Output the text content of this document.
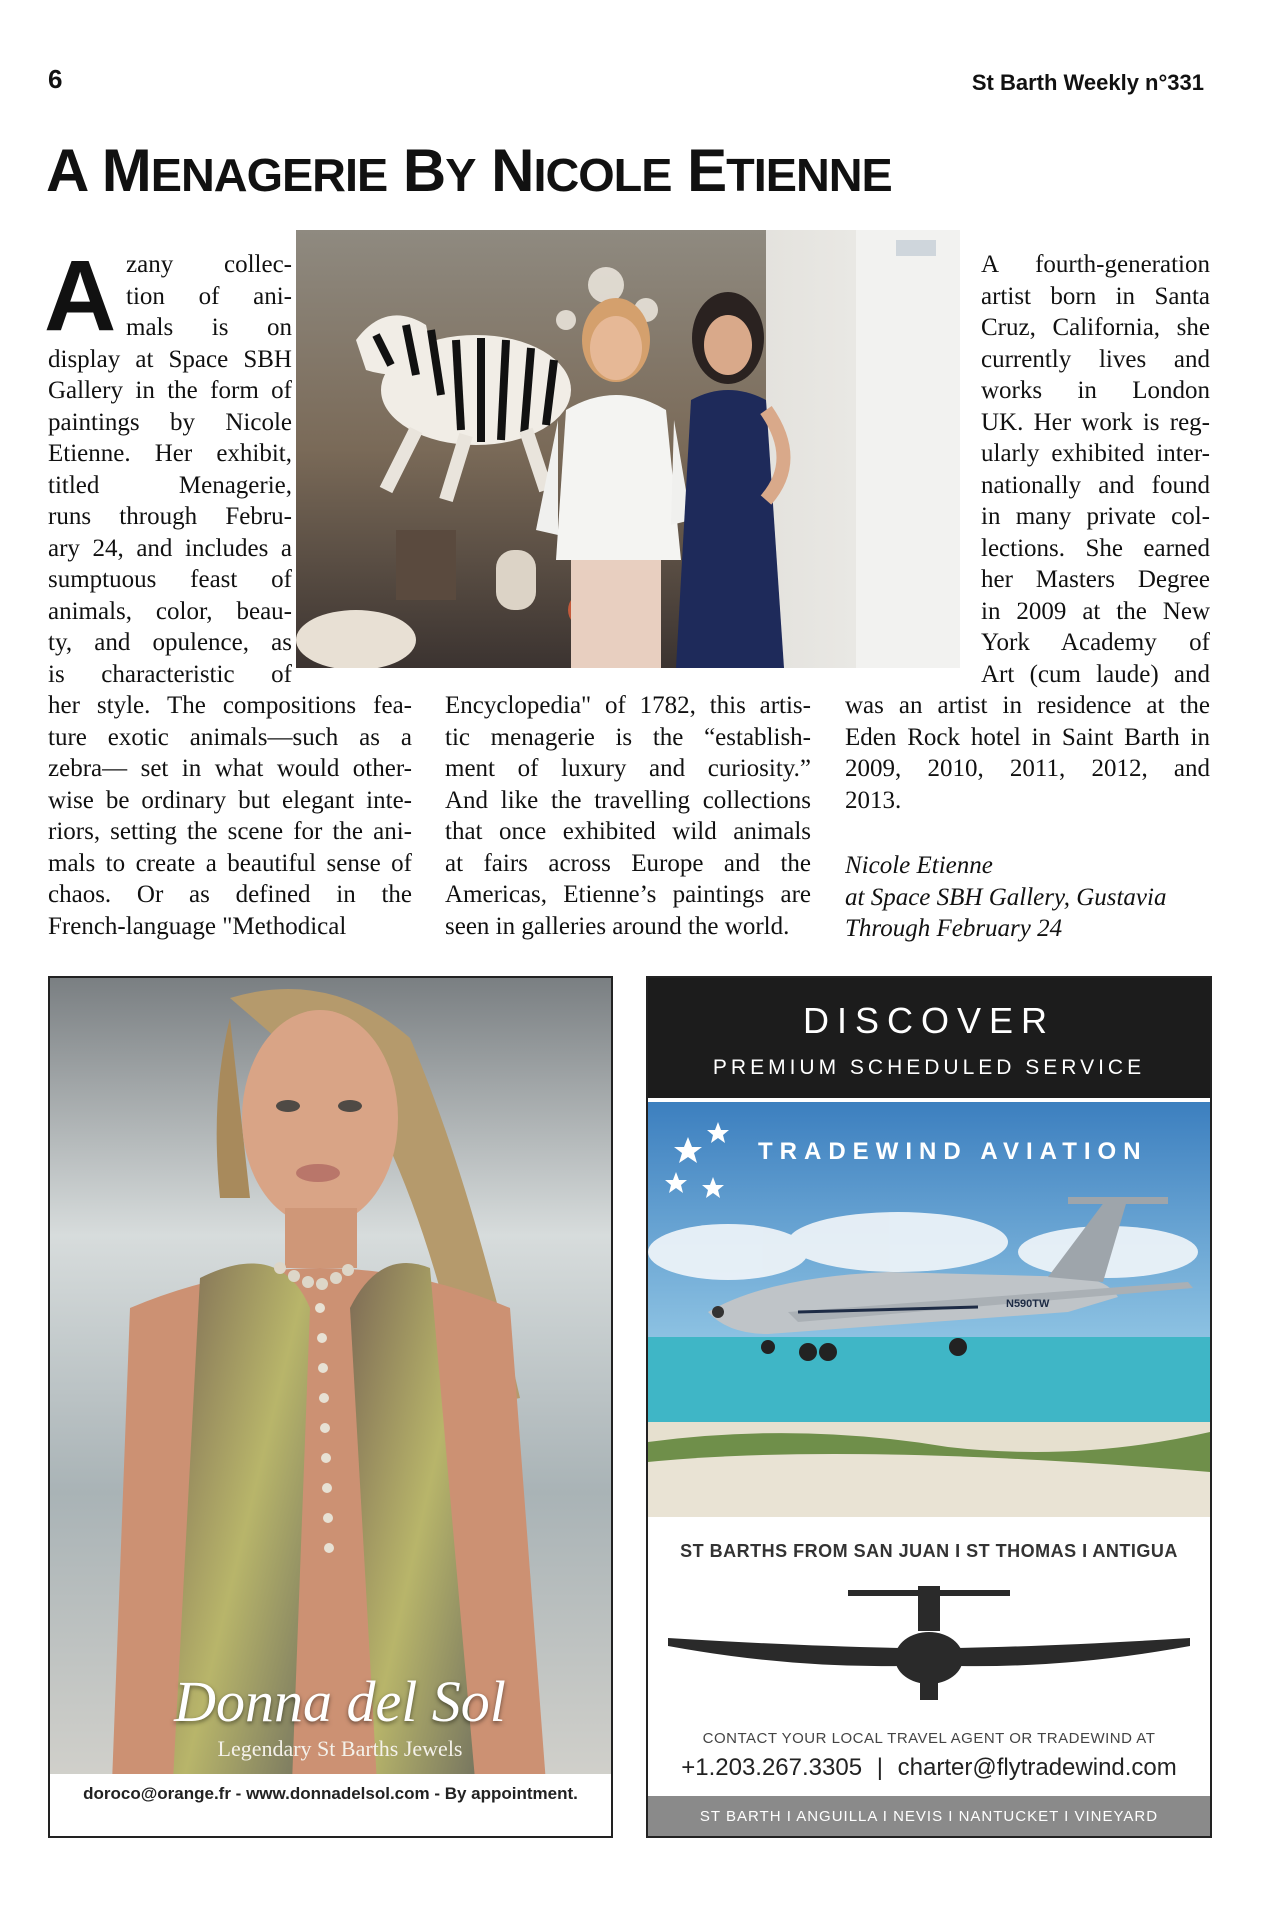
6	St Barth Weekly n°331
A MENAGERIE BY NICOLE ETIENNE
A zany collec-
tion of ani-
mals is on
display at Space SBH
Gallery in the form of
paintings by Nicole
Etienne. Her exhibit,
titled Menagerie,
runs through Febru-
ary 24, and includes a
sumptuous feast of
animals, color, beau-
ty, and opulence, as
is characteristic of
her style. The compositions fea-
ture exotic animals—such as a
zebra— set in what would other-
wise be ordinary but elegant inte-
riors, setting the scene for the ani-
mals to create a beautiful sense of
chaos. Or as defined in the
French-language "Methodical
Encyclopedia" of 1782, this artis-
tic menagerie is the “establish-
ment of luxury and curiosity.”
And like the travelling collections
that once exhibited wild animals
at fairs across Europe and the
Americas, Etienne’s paintings are
seen in galleries around the world.
A fourth-generation
artist born in Santa
Cruz, California, she
currently lives and
works in London
UK. Her work is reg-
ularly exhibited inter-
nationally and found
in many private col-
lections. She earned
her Masters Degree
in 2009 at the New
York Academy of
Art (cum laude) and
was an artist in residence at the
Eden Rock hotel in Saint Barth in
2009, 2010, 2011, 2012, and
2013.
Nicole Etienne
at Space SBH Gallery, Gustavia
Through February 24
Donna del Sol
Legendary St Barths Jewels
doroco@orange.fr - www.donnadelsol.com - By appointment.
DISCOVER
PREMIUM SCHEDULED SERVICE
TRADEWIND AVIATION
N590TW
ST BARTHS FROM SAN JUAN I ST THOMAS I ANTIGUA
CONTACT YOUR LOCAL TRAVEL AGENT OR TRADEWIND AT
+1.203.267.3305 | charter@flytradewind.com
ST BARTH I ANGUILLA I NEVIS I NANTUCKET I VINEYARD
